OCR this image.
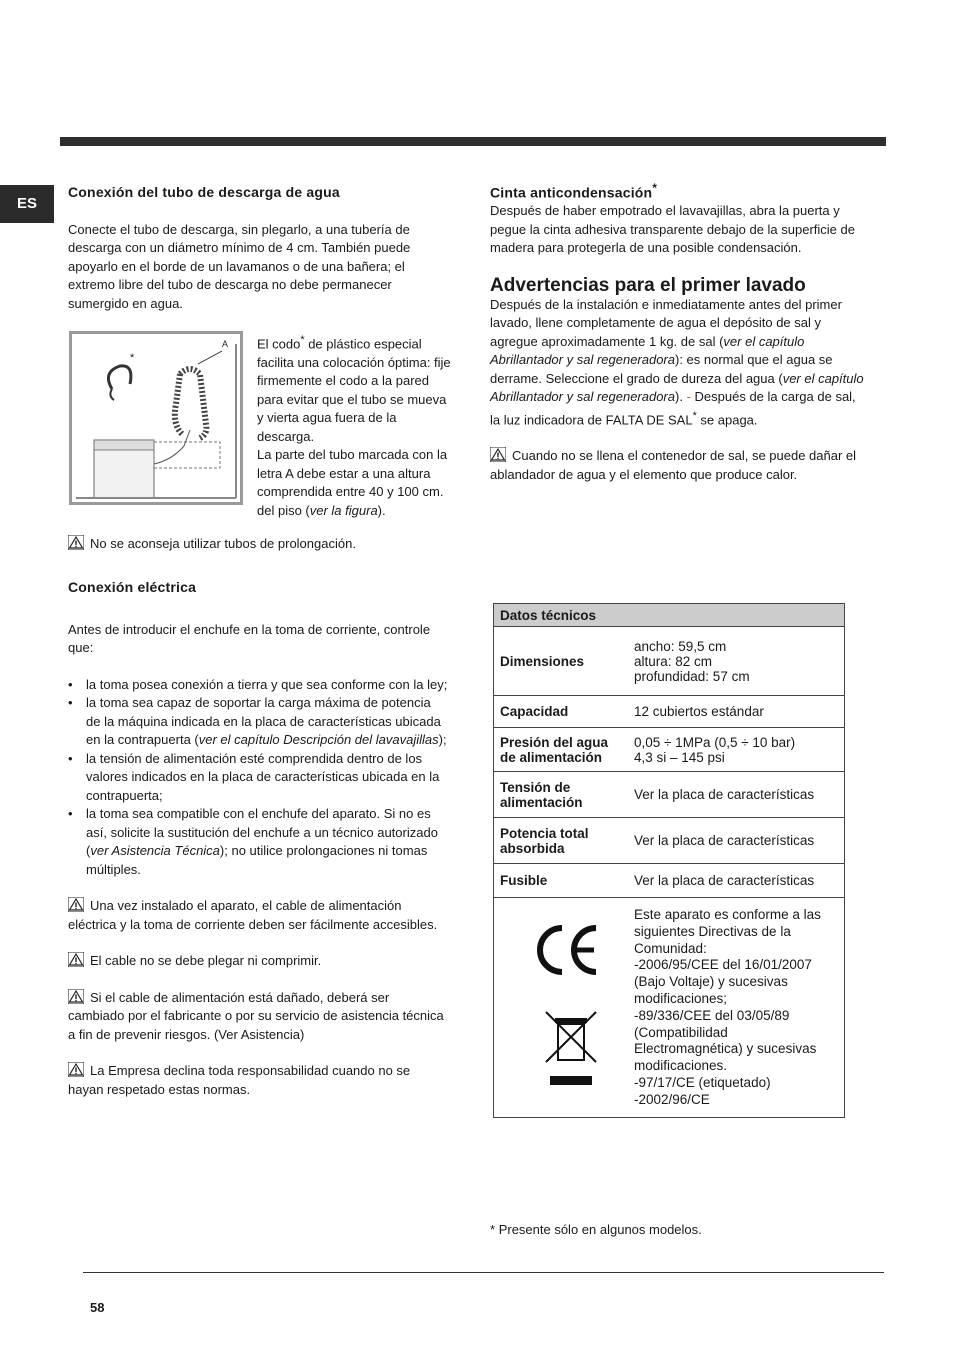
ES
Conexión del tubo de descarga de agua

Conecte el tubo de descarga, sin plegarlo, a una tubería de descarga con un diámetro mínimo de 4 cm. También puede apoyarlo en el borde de un lavamanos o de una bañera; el extremo libre del tubo de descarga no debe permanecer sumergido en agua.

*
A El codo* de plástico especial facilita una colocación óptima: fije firmemente el codo a la pared para evitar que el tubo se mueva y vierta agua fuera de la descarga.

La parte del tubo marcada con la letra A debe estar a una altura comprendida entre 40 y 100 cm. del piso (ver la figura).

No se aconseja utilizar tubos de prolongación.
Conexión eléctrica

Antes de introducir el enchufe en la toma de corriente, controle que:

• la toma posea conexión a tierra y que sea conforme con la ley;
• la toma sea capaz de soportar la carga máxima de potencia de la máquina indicada en la placa de características ubicada en la contrapuerta (ver el capítulo Descripción del lavavajillas);
• la tensión de alimentación esté comprendida dentro de los valores indicados en la placa de características ubicada en la contrapuerta;
• la toma sea compatible con el enchufe del aparato. Si no es así, solicite la sustitución del enchufe a un técnico autorizado (ver Asistencia Técnica); no utilice prolongaciones ni tomas múltiples.

Una vez instalado el aparato, el cable de alimentación eléctrica y la toma de corriente deben ser fácilmente accesibles.

El cable no se debe plegar ni comprimir.

Si el cable de alimentación está dañado, deberá ser cambiado por el fabricante o por su servicio de asistencia técnica a fin de prevenir riesgos. (Ver Asistencia)

La Empresa declina toda responsabilidad cuando no se hayan respetado estas normas.

Cinta anticondensación*

Después de haber empotrado el lavavajillas, abra la puerta y pegue la cinta adhesiva transparente debajo de la superficie de madera para protegerla de una posible condensación.

Advertencias para el primer lavado

Después de la instalación e inmediatamente antes del primer lavado, llene completamente de agua el depósito de sal y agregue aproximadamente 1 kg. de sal (ver el capítulo Abrillantador y sal regeneradora): es normal que el agua se derrame. Seleccione el grado de dureza del agua (ver el capítulo Abrillantador y sal regeneradora). - Después de la carga de sal, la luz indicadora de FALTA DE SAL* se apaga.

Cuando no se llena el contenedor de sal, se puede dañar el ablandador de agua y el elemento que produce calor.

Datos técnicos	
Dimensiones	ancho: 59,5 cm
altura: 82 cm
profundidad: 57 cm
Capacidad	12 cubiertos estándar
Presión del agua de alimentación	0,05 ÷ 1MPa (0,5 ÷ 10 bar)
4,3 si – 145 psi
Tensión de alimentación	Ver la placa de características
Potencia total absorbida	Ver la placa de características
Fusible	Ver la placa de características
	Este aparato es conforme a las siguientes Directivas de la Comunidad:
-2006/95/CEE del 16/01/2007 (Bajo Voltaje) y sucesivas modificaciones;
-89/336/CEE del 03/05/89 (Compatibilidad Electromagnética) y sucesivas modificaciones.
-97/17/CE (etiquetado)
-2002/96/CE
* Presente sólo en algunos modelos.
58
